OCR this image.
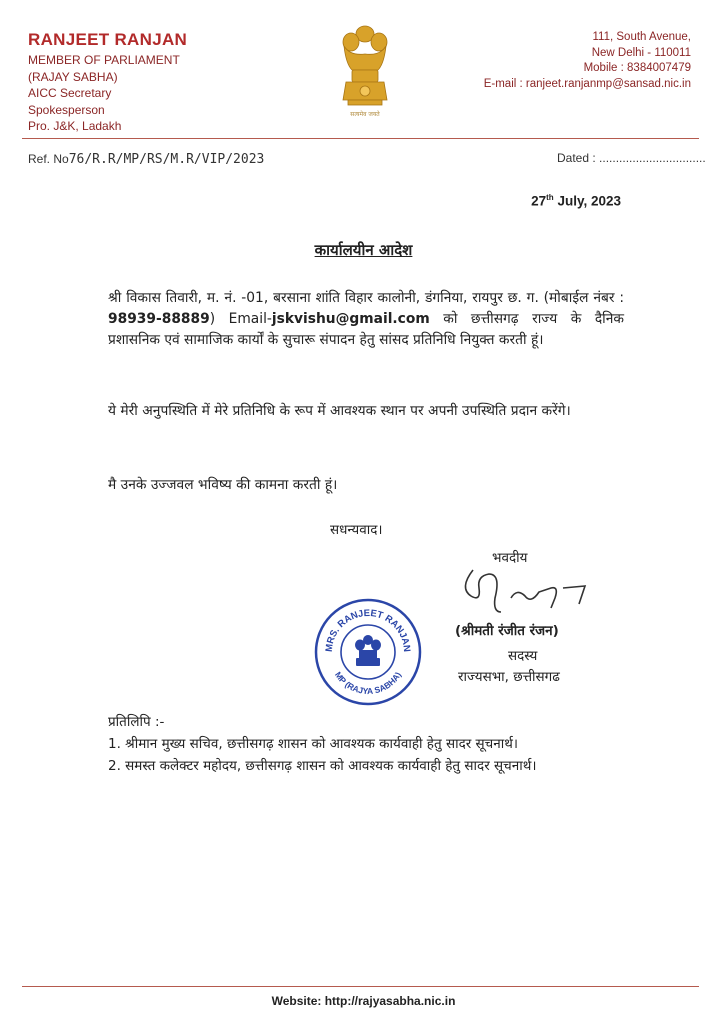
RANJEET RANJAN
MEMBER OF PARLIAMENT
(RAJAY SABHA)
AICC Secretary
Spokesperson
Pro. J&K, Ladakh
सत्यमेव जयते
111, South Avenue,
New Delhi - 110011
Mobile : 8384007479
E-mail : ranjeet.ranjanmp@sansad.nic.in
Ref. No76/R.R/MP/RS/M.R/VIP/2023	Dated : ................................
27th July, 2023
कार्यालयीन आदेश
श्री विकास तिवारी, म. नं. -01, बरसाना शांति विहार कालोनी, डंगनिया, रायपुर छ. ग. (मोबाईल नंबर : 98939-88889) Email-jskvishu@gmail.com को छत्तीसगढ़ राज्य के दैनिक प्रशासनिक एवं सामाजिक कार्यों के सुचारू संपादन हेतु सांसद प्रतिनिधि नियुक्त करती हूं।
ये मेरी अनुपस्थिति में मेरे प्रतिनिधि के रूप में आवश्यक स्थान पर अपनी उपस्थिति प्रदान करेंगे।
मै उनके उज्जवल भविष्य की कामना करती हूं।
सधन्यवाद।
भवदीय
MRS. RANJEET RANJAN
MP (RAJYA SABHA)
(श्रीमती रंजीत रंजन)
सदस्य
राज्यसभा, छत्तीसगढ
प्रतिलिपि :-
1. श्रीमान मुख्य सचिव, छत्तीसगढ़ शासन को आवश्यक कार्यवाही हेतु सादर सूचनार्थ।
2. समस्त कलेक्टर महोदय, छत्तीसगढ़ शासन को आवश्यक कार्यवाही हेतु सादर सूचनार्थ।
Website: http://rajyasabha.nic.in
